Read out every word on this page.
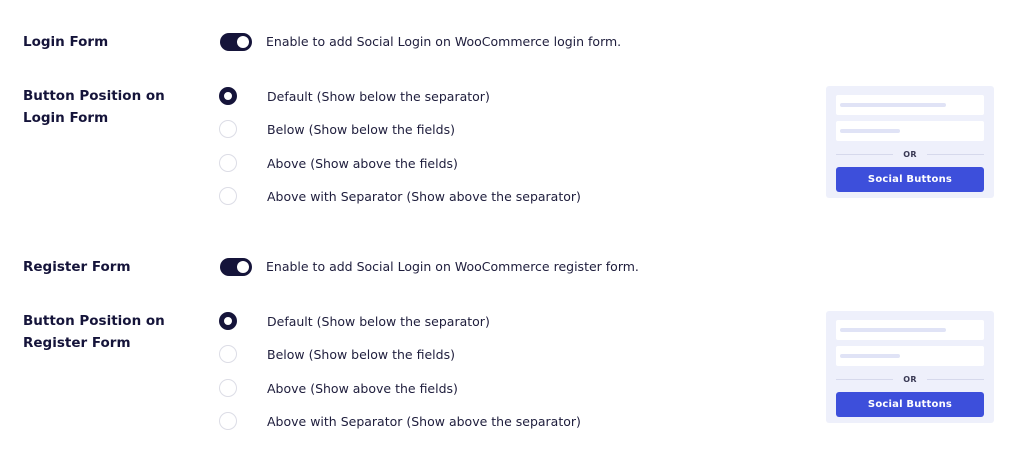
Login Form	Enable to add Social Login on WooCommerce login form.
Button Position on Login Form
Default (Show below the separator)
Below (Show below the fields)
Above (Show above the fields)
Above with Separator (Show above the separator)
OR
Social Buttons
Register Form	Enable to add Social Login on WooCommerce register form.
Button Position on Register Form
Default (Show below the separator)
Below (Show below the fields)
Above (Show above the fields)
Above with Separator (Show above the separator)
OR
Social Buttons
